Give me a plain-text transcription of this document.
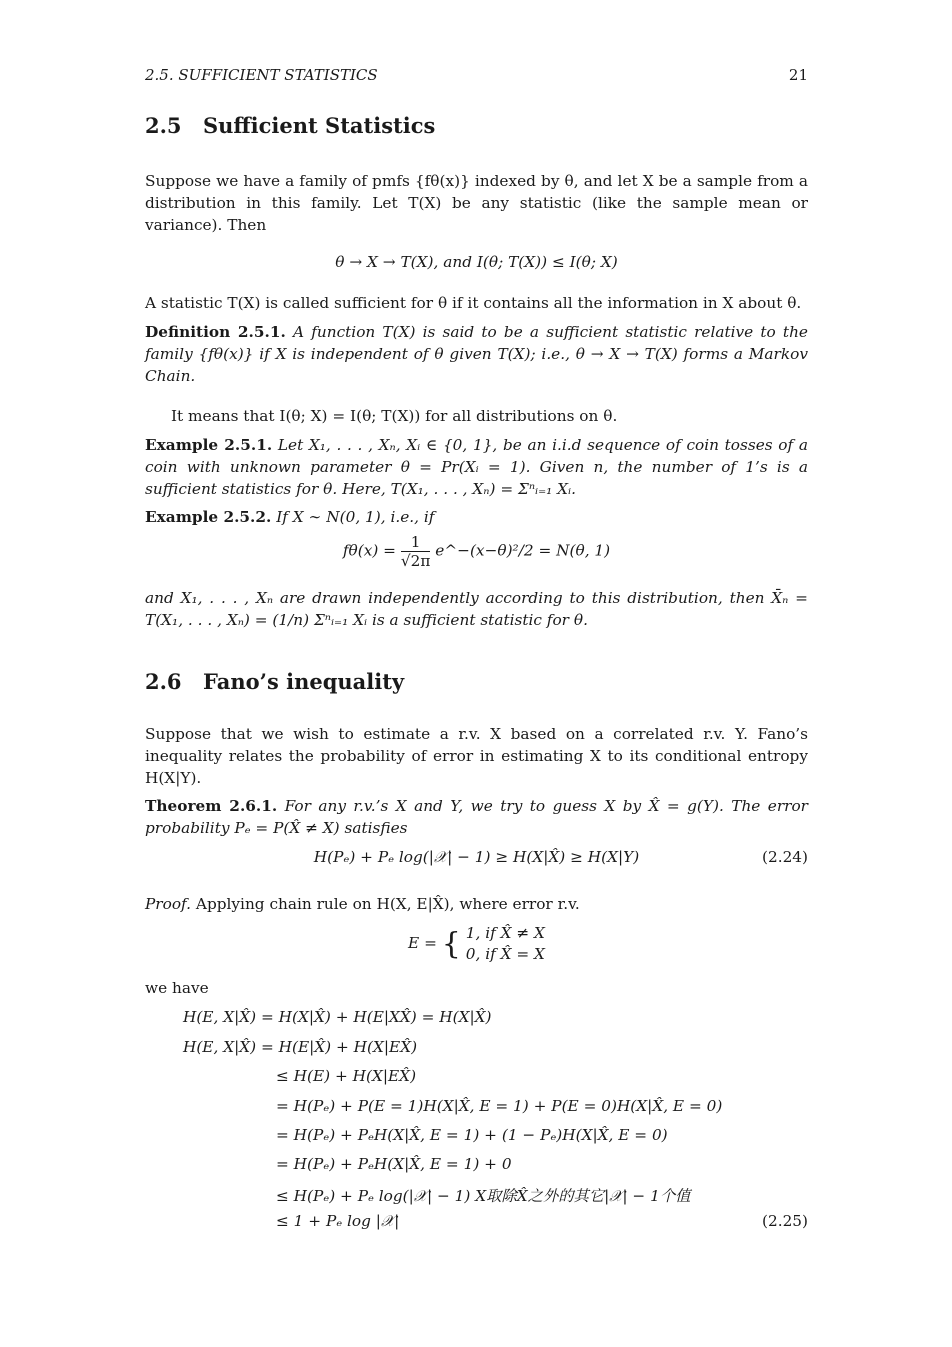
2.5. SUFFICIENT STATISTICS	21
2.5 Sufficient Statistics

Suppose we have a family of pmfs {fθ(x)} indexed by θ, and let X be a sample from a distribution in this family. Let T(X) be any statistic (like the sample mean or variance). Then

θ → X → T(X), and I(θ; T(X)) ≤ I(θ; X)

A statistic T(X) is called sufficient for θ if it contains all the information in X about θ.

Definition 2.5.1. A function T(X) is said to be a sufficient statistic relative to the family {fθ(x)} if X is independent of θ given T(X); i.e., θ → X → T(X) forms a Markov Chain.

It means that I(θ; X) = I(θ; T(X)) for all distributions on θ.

Example 2.5.1. Let X₁, . . . , Xₙ, Xᵢ ∈ {0, 1}, be an i.i.d sequence of coin tosses of a coin with unknown parameter θ = Pr(Xᵢ = 1). Given n, the number of 1’s is a sufficient statistics for θ. Here, T(X₁, . . . , Xₙ) = Σⁿᵢ₌₁ Xᵢ.

Example 2.5.2. If X ∼ N(0, 1), i.e., if

$f\theta(x) = \frac{1}{√2\pi}$ e^−(x−θ)²/2 = N(θ, 1)

and X₁, . . . , Xₙ are drawn independently according to this distribution, then X̄ₙ = T(X₁, . . . , Xₙ) = (1/n) Σⁿᵢ₌₁ Xᵢ is a sufficient statistic for θ.

2.6 Fano’s inequality

Suppose that we wish to estimate a r.v. X based on a correlated r.v. Y. Fano’s inequality relates the probability of error in estimating X to its conditional entropy H(X|Y).

Theorem 2.6.1. For any r.v.’s X and Y, we try to guess X by X̂ = g(Y). The error probability Pₑ = P(X̂ ≠ X) satisfies

H(Pₑ) + Pₑ log(|𝒳| − 1) ≥ H(X|X̂) ≥ H(X|Y)	(2.24)

Proof. Applying chain rule on H(X, E|X̂), where error r.v.

E = { 1, if X̂ ≠ X
0, if X̂ = X

we have

H(E, X|X̂) = H(X|X̂) + H(E|XX̂) = H(X|X̂)
H(E, X|X̂) = H(E|X̂) + H(X|EX̂)
≤ H(E) + H(X|EX̂)
= H(Pₑ) + P(E = 1)H(X|X̂, E = 1) + P(E = 0)H(X|X̂, E = 0)
= H(Pₑ) + PₑH(X|X̂, E = 1) + (1 − Pₑ)H(X|X̂, E = 0)
= H(Pₑ) + PₑH(X|X̂, E = 1) + 0
≤ H(Pₑ) + Pₑ log(|𝒳| − 1) X取除X̂之外的其它|𝒳| − 1个值
≤ 1 + Pₑ log |𝒳|	(2.25)
